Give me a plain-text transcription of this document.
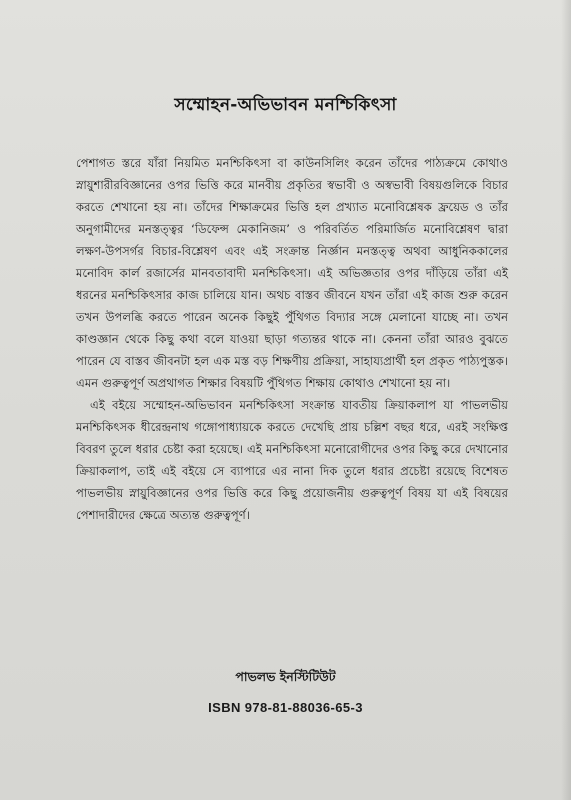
সম্মোহন-অভিভাবন মনশ্চিকিৎসা

পেশাগত স্তরে যাঁরা নিয়মিত মনশ্চিকিৎসা বা কাউনসিলিং করেন তাঁদের পাঠ্যক্রমে কোথাও স্নায়ুশারীরবিজ্ঞানের ওপর ভিত্তি করে মানবীয় প্রকৃতির স্বভাবী ও অস্বভাবী বিষয়গুলিকে বিচার করতে শেখানো হয় না। তাঁদের শিক্ষাক্রমের ভিত্তি হল প্রখ্যাত মনোবিশ্লেষক ফ্রয়েড ও তাঁর অনুগামীদের মনস্তত্ত্বর ‘ডিফেন্স মেকানিজম’ ও পরিবর্তিত পরিমার্জিত মনোবিশ্লেষণ দ্বারা লক্ষণ-উপসর্গর বিচার-বিশ্লেষণ এবং এই সংক্রান্ত নির্জ্ঞান মনস্তত্ত্ব অথবা আধুনিককালের মনোবিদ কার্ল রজার্সের মানবতাবাদী মনশ্চিকিৎসা। এই অভিজ্ঞতার ওপর দাঁড়িয়ে তাঁরা এই ধরনের মনশ্চিকিৎসার কাজ চালিয়ে যান। অথচ বাস্তব জীবনে যখন তাঁরা এই কাজ শুরু করেন তখন উপলব্ধি করতে পারেন অনেক কিছুই পুঁথিগত বিদ্যার সঙ্গে মেলানো যাচ্ছে না। তখন কাণ্ডজ্ঞান থেকে কিছু কথা বলে যাওয়া ছাড়া গত্যন্তর থাকে না। কেননা তাঁরা আরও বুঝতে পারেন যে বাস্তব জীবনটা হল এক মস্ত বড় শিক্ষণীয় প্রক্রিয়া, সাহায্যপ্রার্থী হল প্রকৃত পাঠ্যপুস্তক। এমন গুরুত্বপূর্ণ অপ্রথাগত শিক্ষার বিষয়টি পুঁথিগত শিক্ষায় কোথাও শেখানো হয় না।

এই বইয়ে সম্মোহন-অভিভাবন মনশ্চিকিৎসা সংক্রান্ত যাবতীয় ক্রিয়াকলাপ যা পাভলভীয় মনশ্চিকিৎসক ধীরেন্দ্রনাথ গঙ্গোপাধ্যায়কে করতে দেখেছি প্রায় চল্লিশ বছর ধরে, এরই সংক্ষিপ্ত বিবরণ তুলে ধরার চেষ্টা করা হয়েছে। এই মনশ্চিকিৎসা মনোরোগীদের ওপর কিছু করে দেখানোর ক্রিয়াকলাপ, তাই এই বইয়ে সে ব্যাপারে এর নানা দিক তুলে ধরার প্রচেষ্টা রয়েছে বিশেষত পাভলভীয় স্নায়ুবিজ্ঞানের ওপর ভিত্তি করে কিছু প্রয়োজনীয় গুরুত্বপূর্ণ বিষয় যা এই বিষয়ের পেশাদারীদের ক্ষেত্রে অত্যন্ত গুরুত্বপূর্ণ।

পাভলভ ইনস্টিটিউট

ISBN 978-81-88036-65-3
